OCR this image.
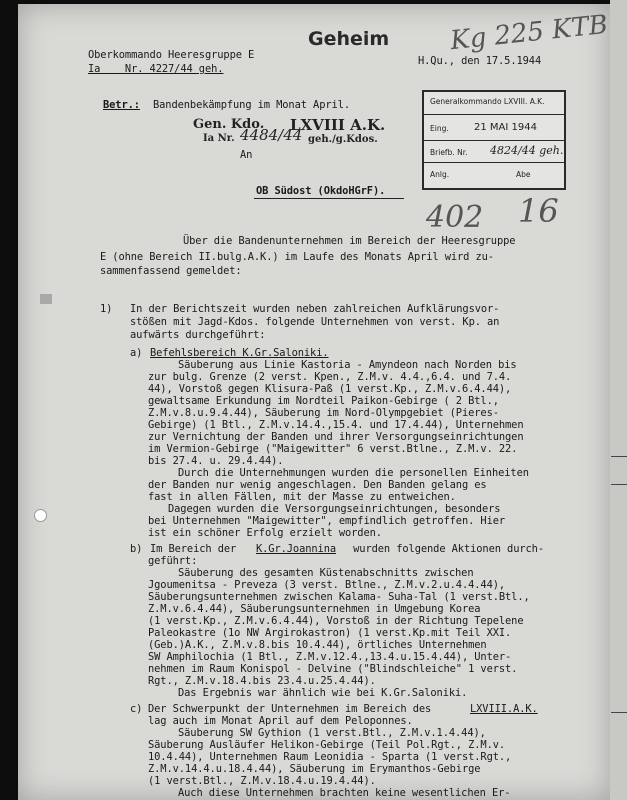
Oberkommando Heeresgruppe E
Ia    Nr. 4227/44 geh.
Geheim
H.Qu., den 17.5.1944
Kg 225 KTB
Betr.: Bandenbekämpfung im Monat April.
Gen. Kdo. LXVIII A.K.
Ia Nr. 4484/44 geh./g.Kdos.
An
Generalkommando LXVIII. A.K.
Eing.	21 MAI 1944
Briefb. Nr. 4824/44 geh.
Anlg.	Abe
OB Südost (OkdoHGrF).
402 16
Über die Bandenunternehmen im Bereich der Heeresgruppe
E (ohne Bereich II.bulg.A.K.) im Laufe des Monats April wird zu-
sammenfassend gemeldet:
1) In der Berichtszeit wurden neben zahlreichen Aufklärungsvor-
stößen mit Jagd-Kdos. folgende Unternehmen von verst. Kp. an
aufwärts durchgeführt:
a) Befehlsbereich K.Gr.Saloniki.
Säuberung aus Linie Kastoria - Amyndeon nach Norden bis
zur bulg. Grenze (2 verst. Kpen., Z.M.v. 4.4.,6.4. und 7.4.
44), Vorstoß gegen Klisura-Paß (1 verst.Kp., Z.M.v.6.4.44),
gewaltsame Erkundung im Nordteil Paikon-Gebirge ( 2 Btl.,
Z.M.v.8.u.9.4.44), Säuberung im Nord-Olympgebiet (Pieres-
Gebirge) (1 Btl., Z.M.v.14.4.,15.4. und 17.4.44), Unternehmen
zur Vernichtung der Banden und ihrer Versorgungseinrichtungen
im Vermion-Gebirge ("Maigewitter" 6 verst.Btlne., Z.M.v. 22.
bis 27.4. u. 29.4.44).
Durch die Unternehmungen wurden die personellen Einheiten
der Banden nur wenig angeschlagen. Den Banden gelang es
fast in allen Fällen, mit der Masse zu entweichen.
Dagegen wurden die Versorgungseinrichtungen, besonders
bei Unternehmen "Maigewitter", empfindlich getroffen. Hier
ist ein schöner Erfolg erzielt worden.
b) Im Bereich der K.Gr.Joannina wurden folgende Aktionen durch-
geführt:
Säuberung des gesamten Küstenabschnitts zwischen
Jgoumenitsa - Preveza (3 verst. Btlne., Z.M.v.2.u.4.4.44),
Säuberungsunternehmen zwischen Kalama- Suha-Tal (1 verst.Btl.,
Z.M.v.6.4.44), Säuberungsunternehmen in Umgebung Korea
(1 verst.Kp., Z.M.v.6.4.44), Vorstoß in der Richtung Tepelene
Paleokastre (1o NW Argirokastron) (1 verst.Kp.mit Teil XXI.
(Geb.)A.K., Z.M.v.8.bis 10.4.44), örtliches Unternehmen
SW Amphilochia (1 Btl., Z.M.v.12.4.,13.4.u.15.4.44), Unter-
nehmen im Raum Konispol - Delvine ("Blindschleiche" 1 verst.
Rgt., Z.M.v.18.4.bis 23.4.u.25.4.44).
Das Ergebnis war ähnlich wie bei K.Gr.Saloniki.
c) Der Schwerpunkt der Unternehmen im Bereich des	LXVIII.A.K.
lag auch im Monat April auf dem Peloponnes.
Säuberung SW Gythion (1 verst.Btl., Z.M.v.1.4.44),
Säuberung Ausläufer Helikon-Gebirge (Teil Pol.Rgt., Z.M.v.
10.4.44), Unternehmen Raum Leonidia - Sparta (1 verst.Rgt.,
Z.M.v.14.4.u.18.4.44), Säuberung im Erymanthos-Gebirge
(1 verst.Btl., Z.M.v.18.4.u.19.4.44).
Auch diese Unternehmen brachten keine wesentlichen Er-
